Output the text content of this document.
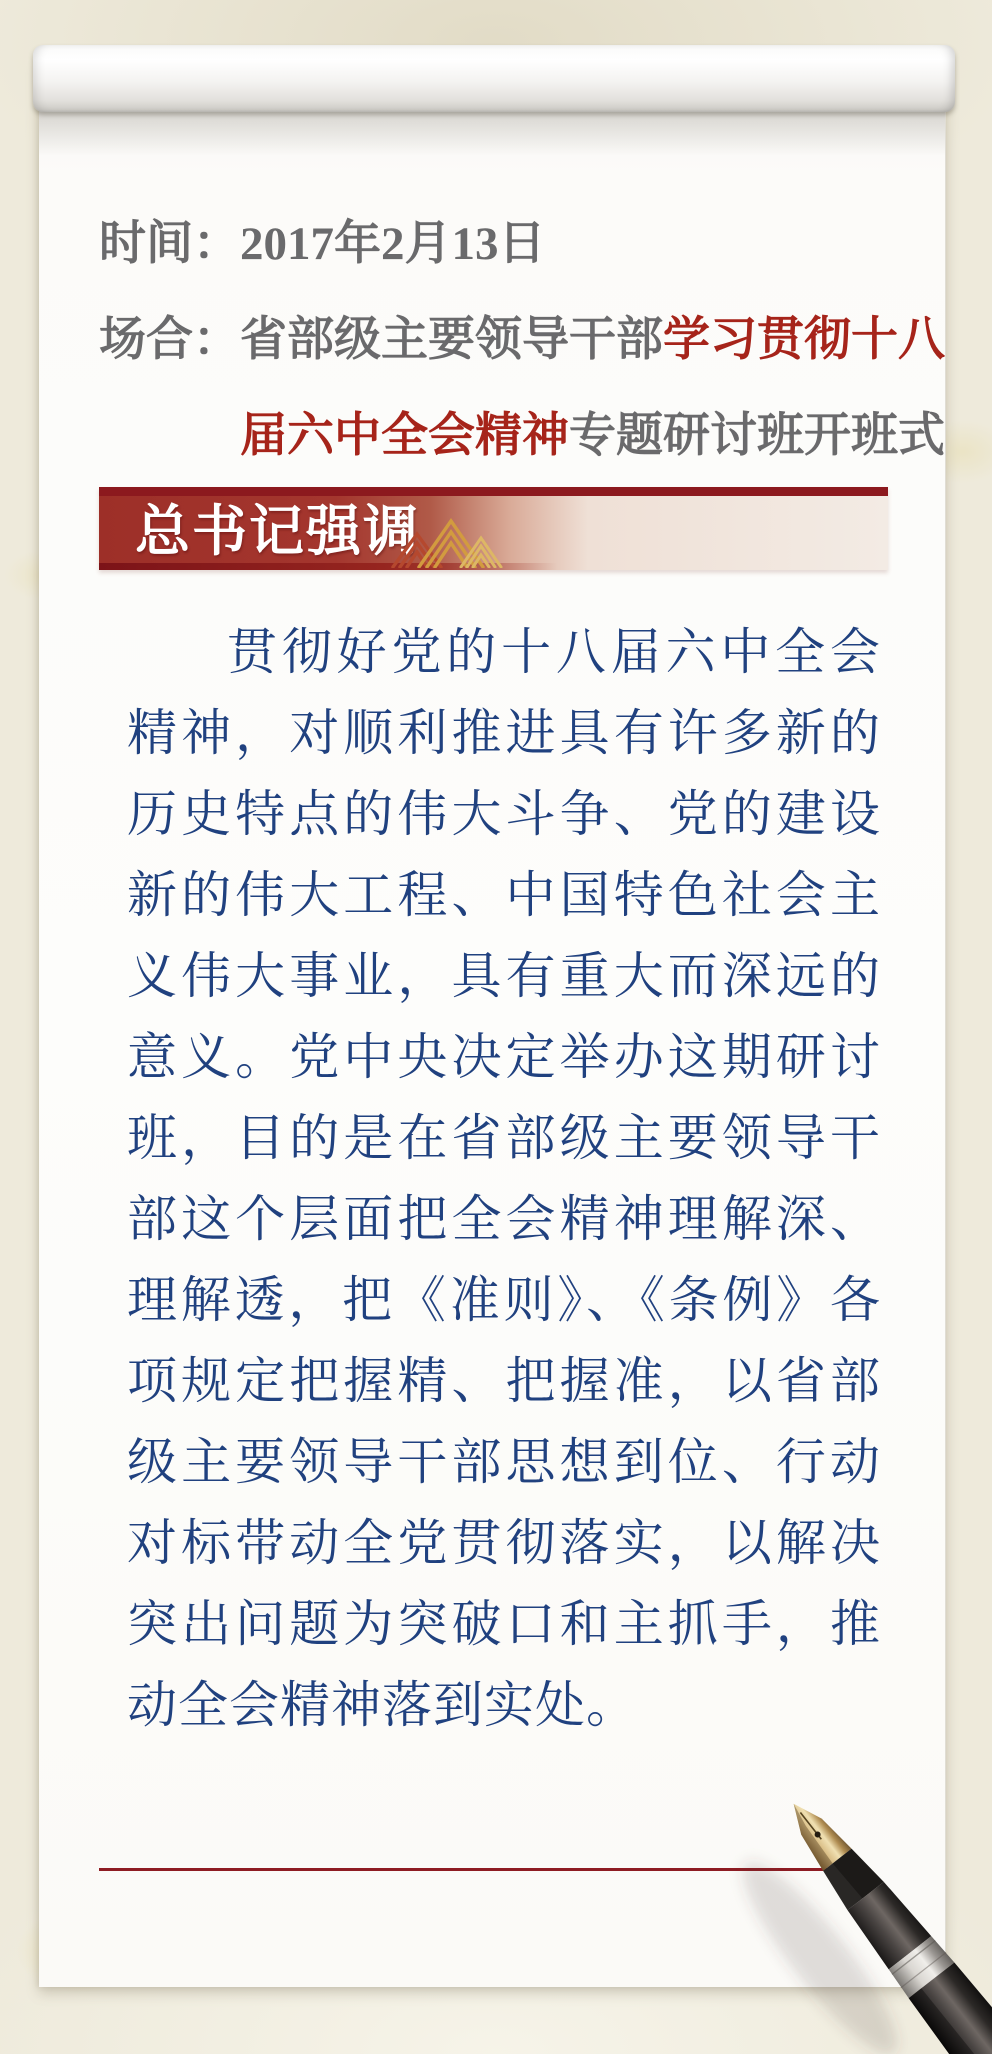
时间：2017年2月13日
场合：省部级主要领导干部学习贯彻十八
届六中全会精神专题研讨班开班式
总书记强调
贯彻好党的十八届六中全会精神，对顺利推进具有许多新的历史特点的伟大斗争、党的建设新的伟大工程、中国特色社会主义伟大事业，具有重大而深远的意义。党中央决定举办这期研讨班，目的是在省部级主要领导干部这个层面把全会精神理解深、理解透，把《准则》、《条例》各项规定把握精、把握准，以省部级主要领导干部思想到位、行动对标带动全党贯彻落实，以解决突出问题为突破口和主抓手，推动全会精神落到实处。
